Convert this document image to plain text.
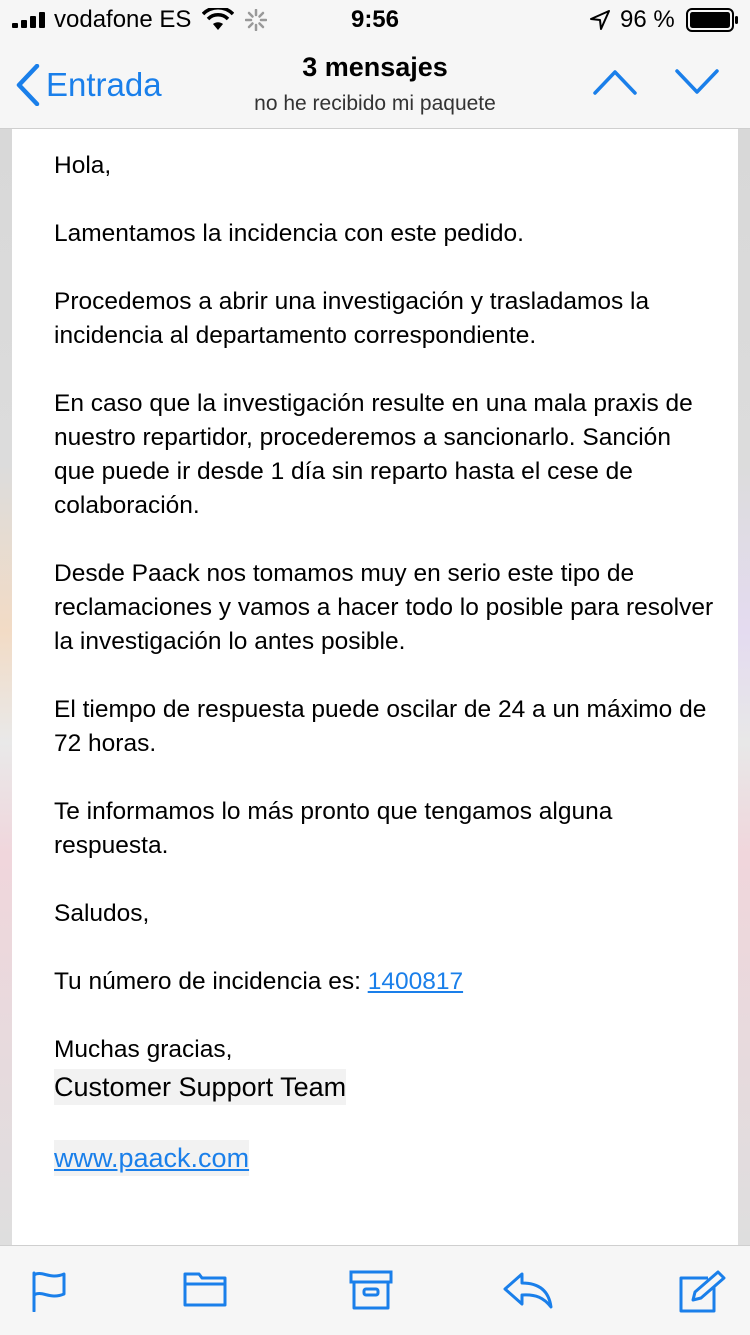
vodafone ES	9:56	96 %
Entrada	3 mensajes
no he recibido mi paquete

Hola,

Lamentamos la incidencia con este pedido.

Procedemos a abrir una investigación y trasladamos la incidencia al departamento correspondiente.

En caso que la investigación resulte en una mala praxis de nuestro repartidor, procederemos a sancionarlo. Sanción que puede ir desde 1 día sin reparto hasta el cese de colaboración.

Desde Paack nos tomamos muy en serio este tipo de reclamaciones y vamos a hacer todo lo posible para resolver la investigación lo antes posible.

El tiempo de respuesta puede oscilar de 24 a un máximo de 72 horas.

Te informamos lo más pronto que tengamos alguna respuesta.

Saludos,

Tu número de incidencia es: 1400817

Muchas gracias,

Customer Support Team
www.paack.com
